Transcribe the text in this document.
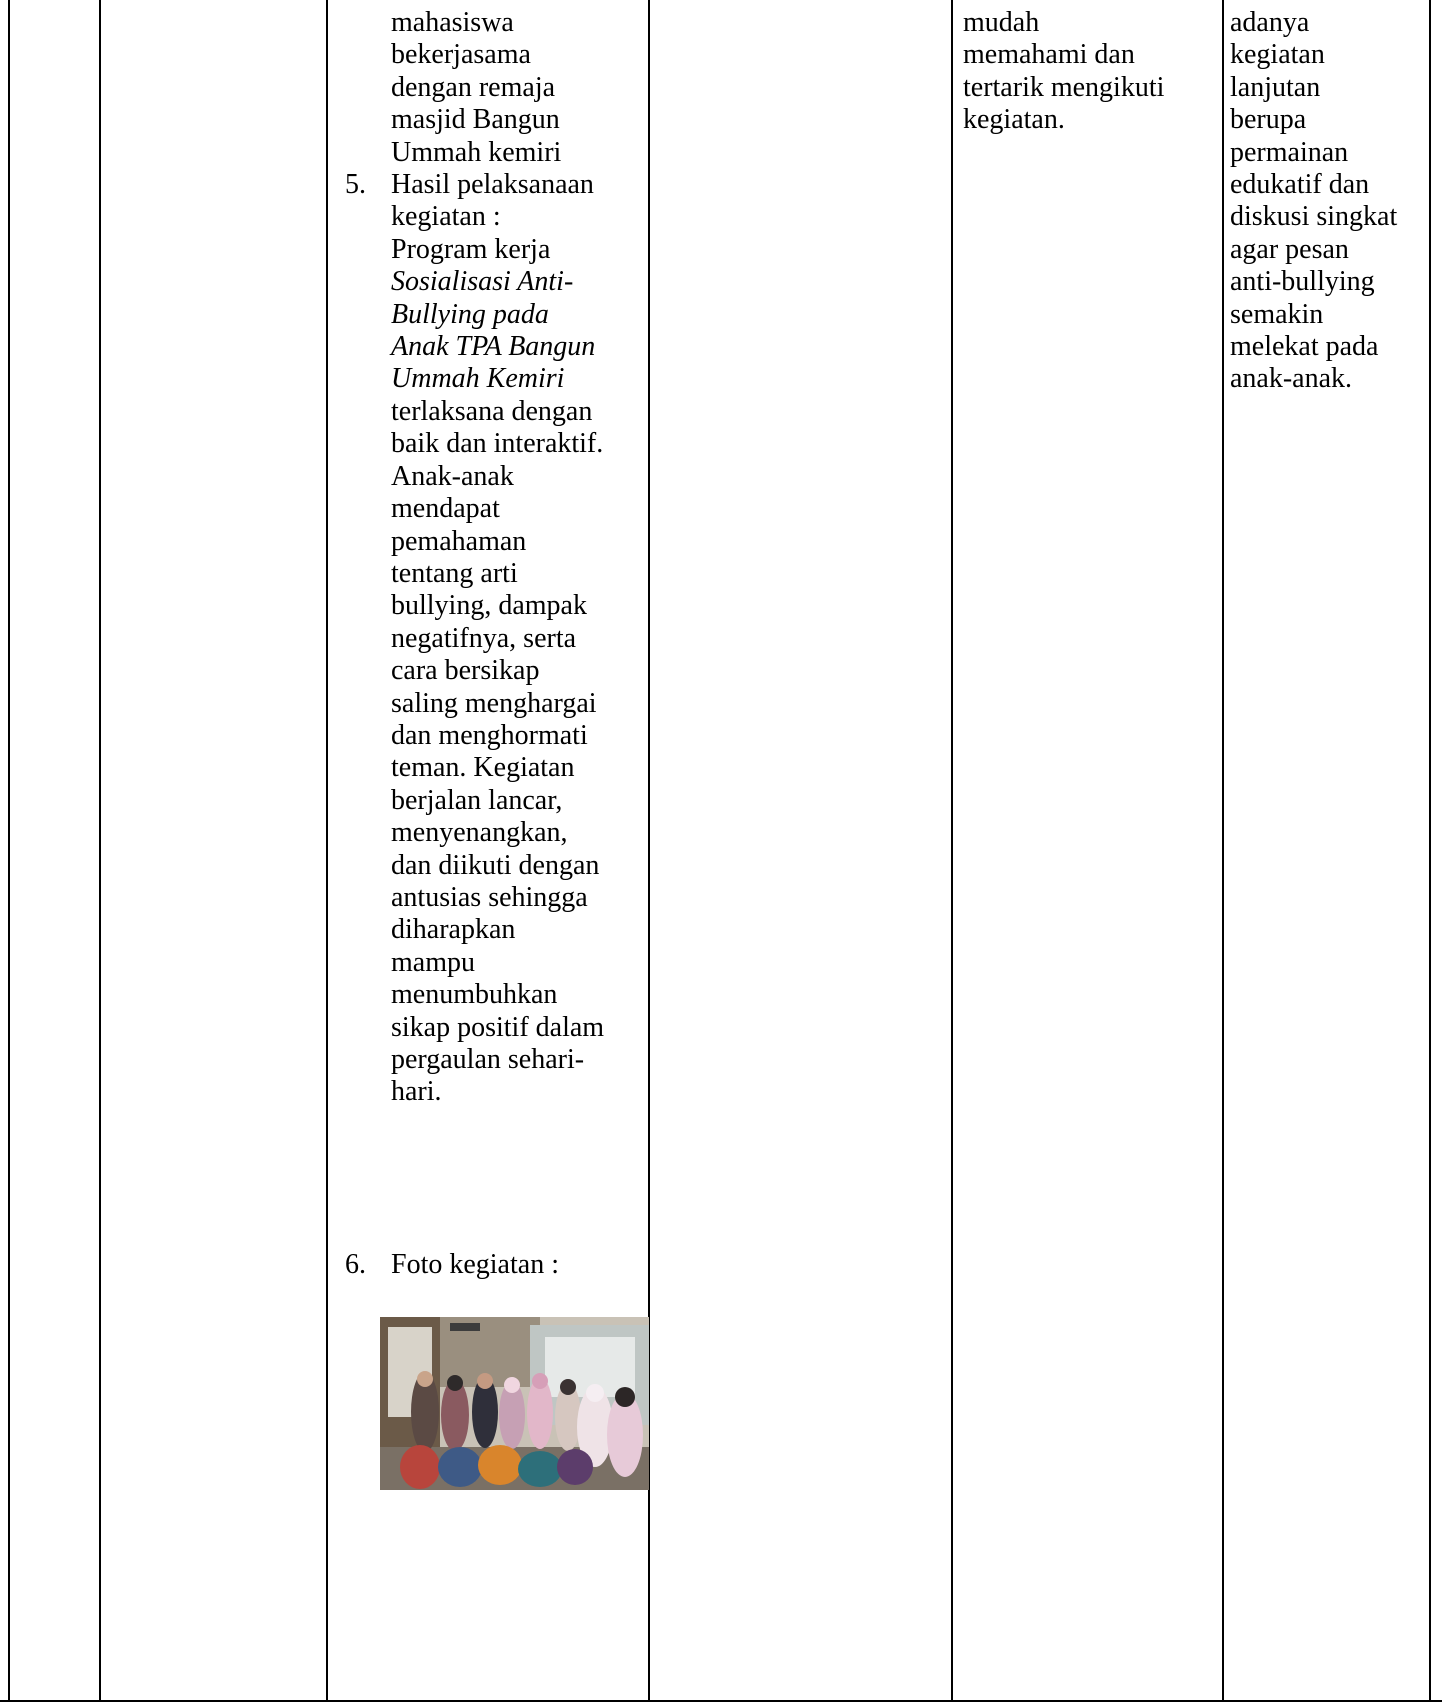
mahasiswa
bekerjasama
dengan remaja
masjid Bangun
Ummah kemiri
5. Hasil pelaksanaan
kegiatan :
Program kerja
Sosialisasi Anti-
Bullying pada
Anak TPA Bangun
Ummah Kemiri
terlaksana dengan
baik dan interaktif.
Anak-anak
mendapat
pemahaman
tentang arti
bullying, dampak
negatifnya, serta
cara bersikap
saling menghargai
dan menghormati
teman. Kegiatan
berjalan lancar,
menyenangkan,
dan diikuti dengan
antusias sehingga
diharapkan
mampu
menumbuhkan
sikap positif dalam
pergaulan sehari-
hari.
6. Foto kegiatan :
mudah
memahami dan
tertarik mengikuti
kegiatan.
adanya
kegiatan
lanjutan
berupa
permainan
edukatif dan
diskusi singkat
agar pesan
anti-bullying
semakin
melekat pada
anak-anak.
